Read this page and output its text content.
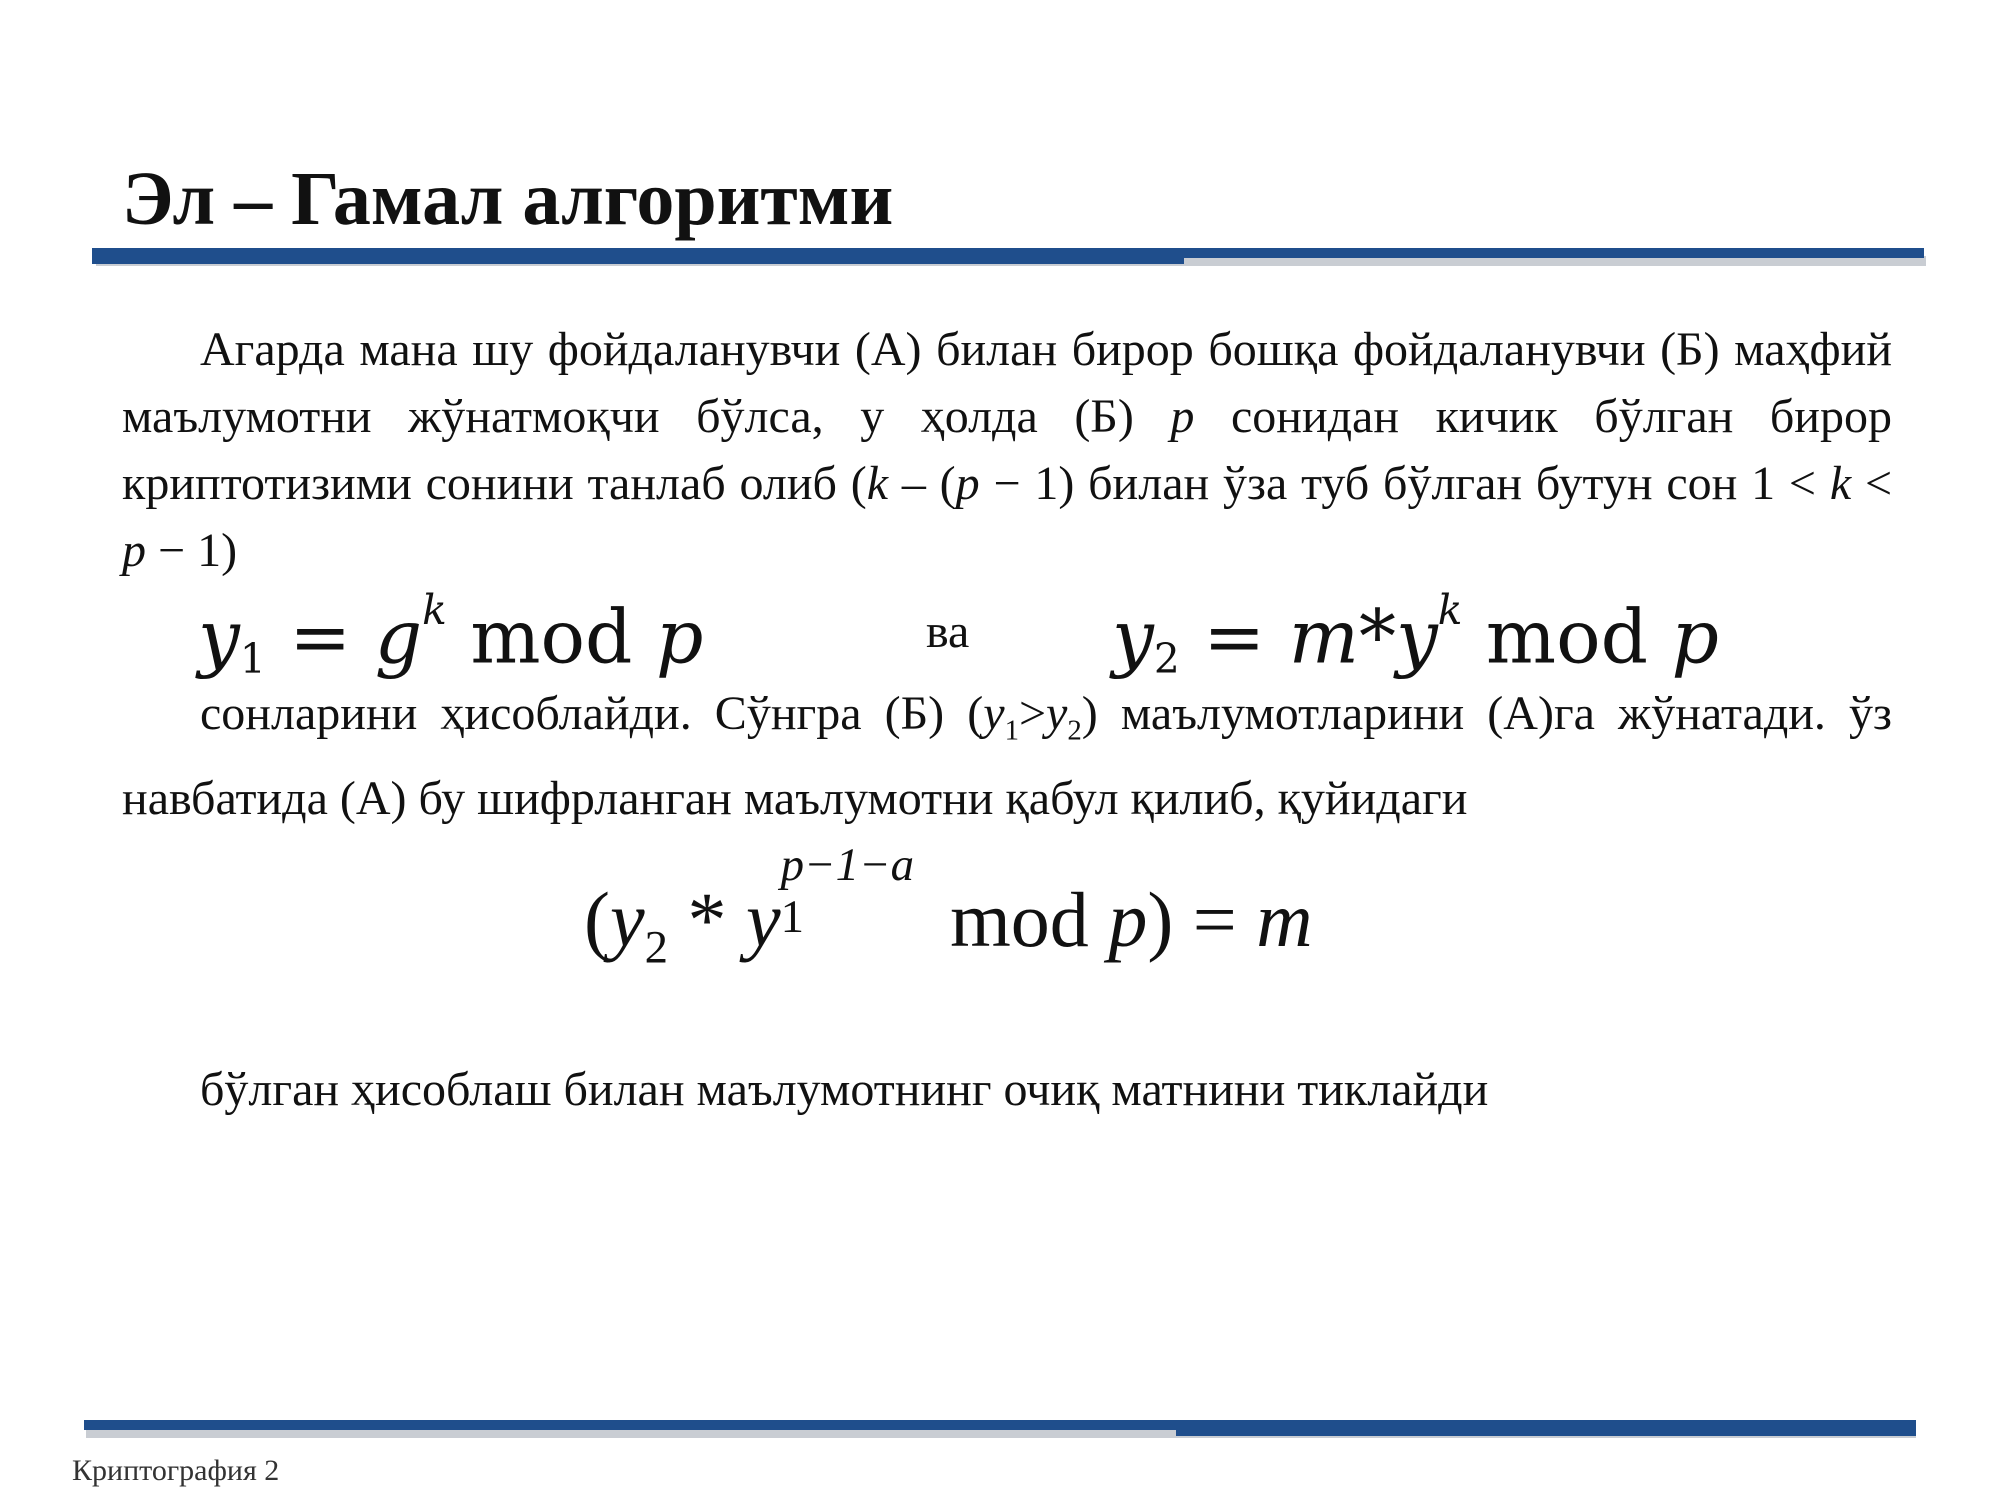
Эл – Гамал алгоритми
Агарда мана шу фойдаланувчи (А) билан бирор бошқа фойдаланувчи (Б) маҳфий маълумотни жўнатмоқчи бўлса, у ҳолда (Б) p сонидан кичик бўлган бирор криптотизими сонини танлаб олиб (k – (p − 1) билан ўза туб бўлган бутун сон 1 < k < p − 1)
$y_1 = g^k$ mod p	ва $y_2 = m*y^k$ mod p
сонларини ҳисоблайди. Сўнгра (Б) $(y_1>y_2)$ маълумотларини (А)га жўнатади. ўз навбатида (А) бу шифрланган маълумотни қабул қилиб, қуйидаги
($y_2$ * y
p−1−a
1 mod p) = m
бўлган ҳисоблаш билан маълумотнинг очиқ матнини тиклайди
Криптография 2
